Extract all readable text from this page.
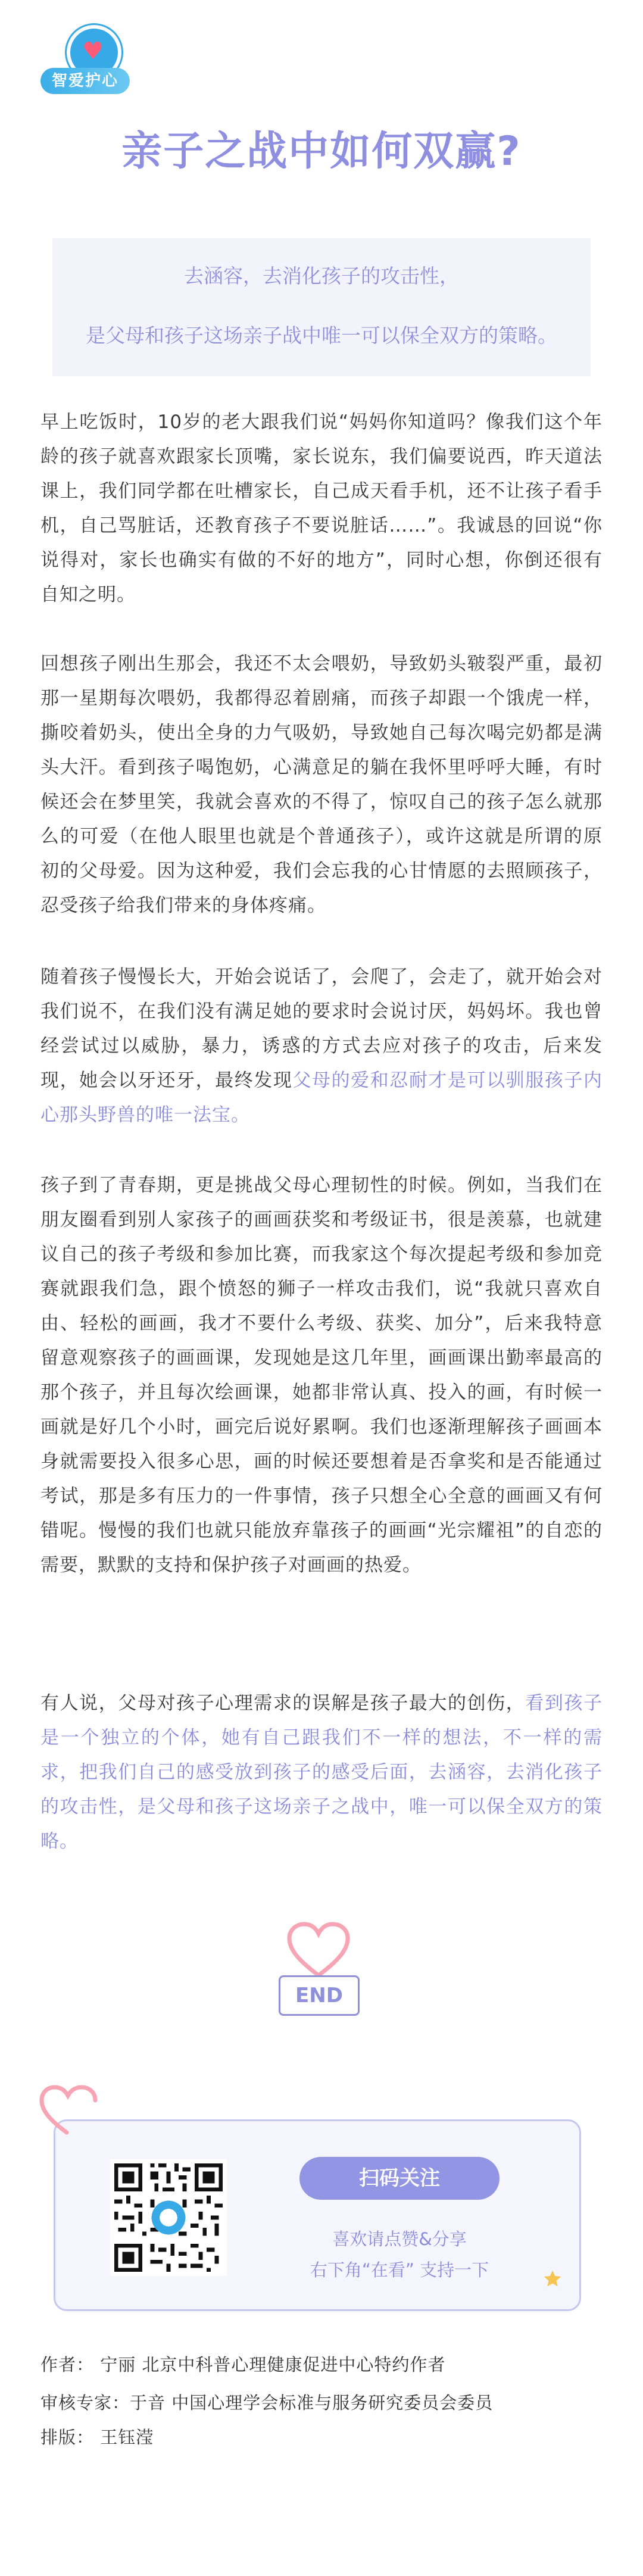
♥
智爱护心
亲子之战中如何双赢?
去涵容，去消化孩子的攻击性，
是父母和孩子这场亲子战中唯一可以保全双方的策略。
早上吃饭时，10岁的老大跟我们说“妈妈你知道吗？像我们这个年龄的孩子就喜欢跟家长顶嘴，家长说东，我们偏要说西，昨天道法课上，我们同学都在吐槽家长，自己成天看手机，还不让孩子看手机，自己骂脏话，还教育孩子不要说脏话……”。我诚恳的回说“你说得对，家长也确实有做的不好的地方”，同时心想，你倒还很有自知之明。
回想孩子刚出生那会，我还不太会喂奶，导致奶头皲裂严重，最初那一星期每次喂奶，我都得忍着剧痛，而孩子却跟一个饿虎一样，撕咬着奶头，使出全身的力气吸奶，导致她自己每次喝完奶都是满头大汗。看到孩子喝饱奶，心满意足的躺在我怀里呼呼大睡，有时候还会在梦里笑，我就会喜欢的不得了，惊叹自己的孩子怎么就那么的可爱（在他人眼里也就是个普通孩子），或许这就是所谓的原初的父母爱。因为这种爱，我们会忘我的心甘情愿的去照顾孩子，忍受孩子给我们带来的身体疼痛。
随着孩子慢慢长大，开始会说话了，会爬了，会走了，就开始会对我们说不，在我们没有满足她的要求时会说讨厌，妈妈坏。我也曾经尝试过以威胁，暴力，诱惑的方式去应对孩子的攻击，后来发现，她会以牙还牙，最终发现父母的爱和忍耐才是可以驯服孩子内心那头野兽的唯一法宝。
孩子到了青春期，更是挑战父母心理韧性的时候。例如，当我们在朋友圈看到别人家孩子的画画获奖和考级证书，很是羡慕，也就建议自己的孩子考级和参加比赛，而我家这个每次提起考级和参加竞赛就跟我们急，跟个愤怒的狮子一样攻击我们，说“我就只喜欢自由、轻松的画画，我才不要什么考级、获奖、加分”，后来我特意留意观察孩子的画画课，发现她是这几年里，画画课出勤率最高的那个孩子，并且每次绘画课，她都非常认真、投入的画，有时候一画就是好几个小时，画完后说好累啊。我们也逐渐理解孩子画画本身就需要投入很多心思，画的时候还要想着是否拿奖和是否能通过考试，那是多有压力的一件事情，孩子只想全心全意的画画又有何错呢。慢慢的我们也就只能放弃靠孩子的画画“光宗耀祖”的自恋的需要，默默的支持和保护孩子对画画的热爱。
有人说，父母对孩子心理需求的误解是孩子最大的创伤，看到孩子是一个独立的个体，她有自己跟我们不一样的想法，不一样的需求，把我们自己的感受放到孩子的感受后面，去涵容，去消化孩子的攻击性，是父母和孩子这场亲子之战中，唯一可以保全双方的策略。
END
扫码关注
喜欢请点赞&分享
右下角“在看” 支持一下
作者： 宁丽 北京中科普心理健康促进中心特约作者
审核专家：于音 中国心理学会标准与服务研究委员会委员
排版： 王钰滢
